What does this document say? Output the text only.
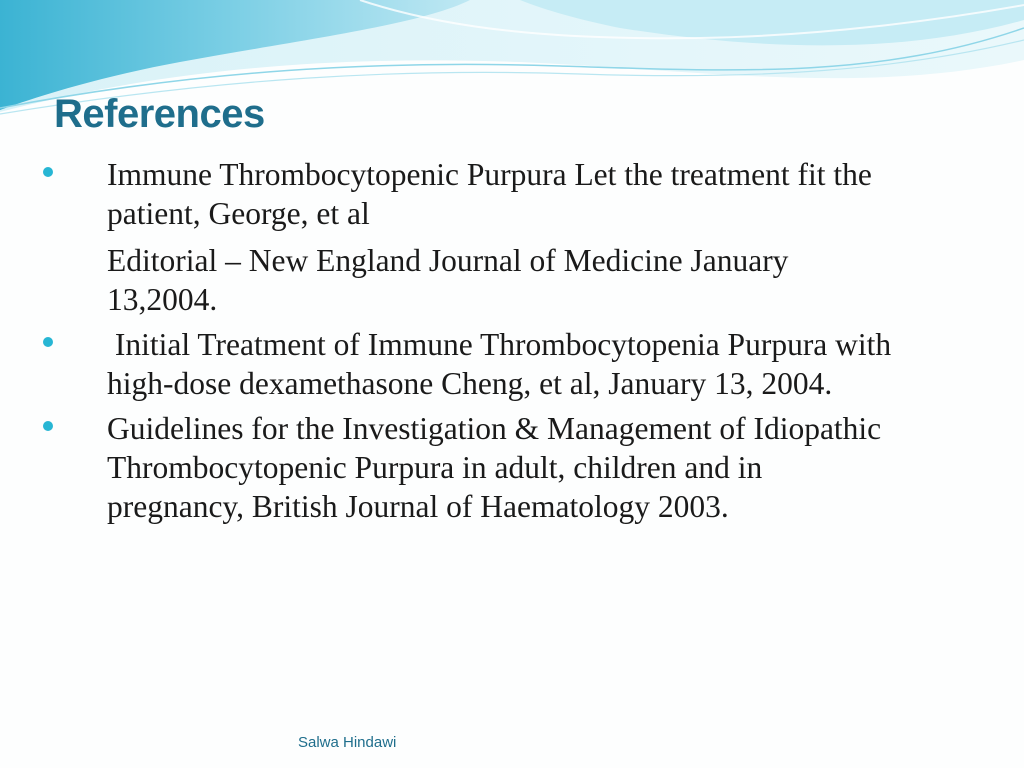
References
Immune Thrombocytopenic Purpura Let the treatment fit the patient, George, et al
Editorial – New England Journal of Medicine January 13,2004.
Initial Treatment of Immune Thrombocytopenia Purpura with high-dose dexamethasone Cheng, et al, January 13, 2004.
Guidelines for the Investigation & Management of Idiopathic Thrombocytopenic Purpura in adult, children and in pregnancy, British Journal of Haematology 2003.
Salwa Hindawi
